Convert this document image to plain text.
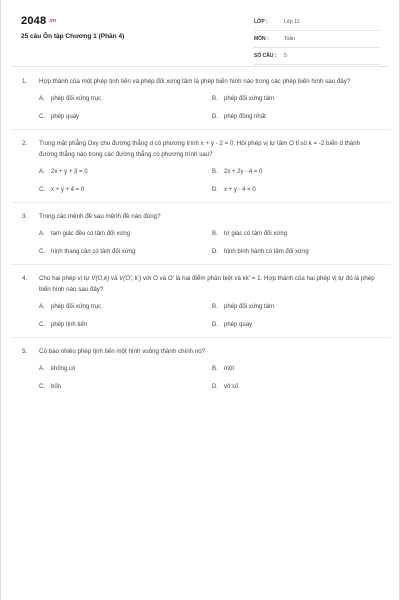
2048 .vn
25 câu Ôn tập Chương 1 (Phần 4)
LỚP :	Lớp 11
MÔN :	Toán
SỐ CÂU :	5
1. Hợp thành của một phép tịnh tiến và phép đối xứng tâm là phép biến hình nào trong các phép biến hình sau đây?
A. phép đối xứng trục	B. phép đối xứng tâm
C. phép quay	D. phép đồng nhất
2. Trong mặt phẳng Oxy cho đường thẳng d có phương trình x + y - 2 = 0. Hỏi phép vị tự tâm O tỉ số k = -2 biến d thành đường thẳng nào trong các đường thẳng có phương trình sau?
A. 2x + y + 3 = 0	B. 2x + 2y - 4 = 0
C. x + y + 4 = 0	D. x + y - 4 = 0
3. Trong các mệnh đề sau mệnh đề nào đúng?
A. tam giác đều có tâm đối xứng	B. tứ giác có tâm đối xứng
C. hình thang cân có tâm đối xứng	D. hình bình hành có tâm đối xứng
4. Cho hai phép vị tự V(O,k) và V(O', k') với O và O' là hai điểm phân biệt và kk' = 1. Hợp thành của hai phép vị tự đó là phép biến hình nào sau đây?
A. phép đối xứng trục	B. phép đối xứng tâm
C. phép tịnh tiến	D. phép quay
5. Có bao nhiêu phép tịnh tiến một hình vuông thành chính nó?
A. không có	B. một
C. bốn	D. vô số
